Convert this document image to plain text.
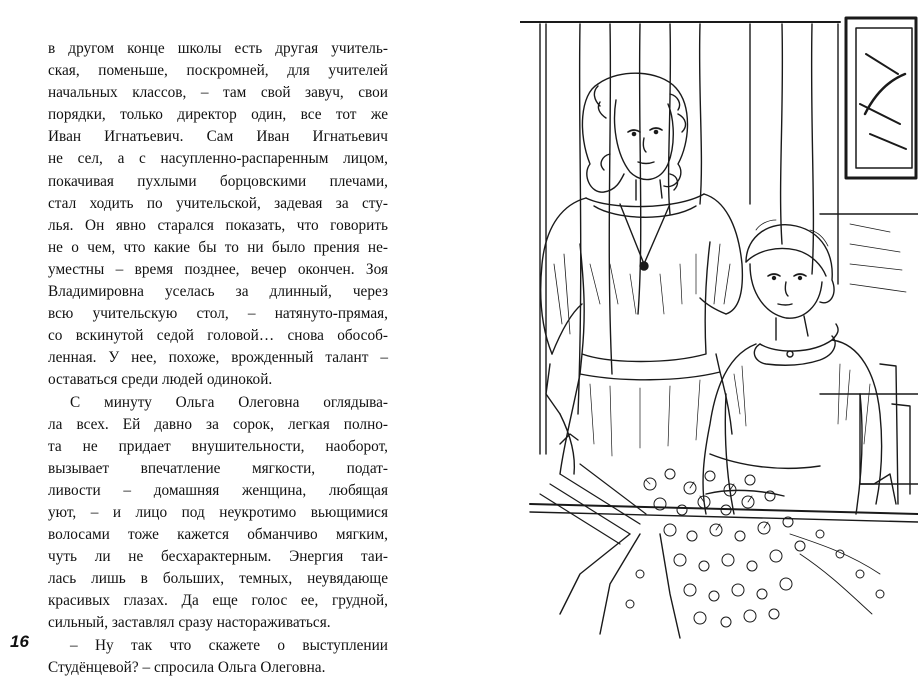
в другом конце школы есть другая учитель-
ская, поменьше, поскромней, для учителей
начальных классов, – там свой завуч, свои
порядки, только директор один, все тот же
Иван Игнатьевич. Сам Иван Игнатьевич
не сел, а с насупленно-распаренным лицом,
покачивая пухлыми борцовскими плечами,
стал ходить по учительской, задевая за сту-
лья. Он явно старался показать, что говорить
не о чем, что какие бы то ни было прения не-
уместны – время позднее, вечер окончен. Зоя
Владимировна уселась за длинный, через
всю учительскую стол, – натянуто-прямая,
со вскинутой седой головой… снова обособ-
ленная. У нее, похоже, врожденный талант –
оставаться среди людей одинокой.
С минуту Ольга Олеговна оглядыва-
ла всех. Ей давно за сорок, легкая полно-
та не придает внушительности, наоборот,
вызывает впечатление мягкости, подат-
ливости – домашняя женщина, любящая
уют, – и лицо под неукротимо вьющимися
волосами тоже кажется обманчиво мягким,
чуть ли не бесхарактерным. Энергия таи-
лась лишь в больших, темных, неувядающе
красивых глазах. Да еще голос ее, грудной,
сильный, заставлял сразу настораживаться.
– Ну так что скажете о выступлении
Студёнцевой? – спросила Ольга Олеговна.
16
